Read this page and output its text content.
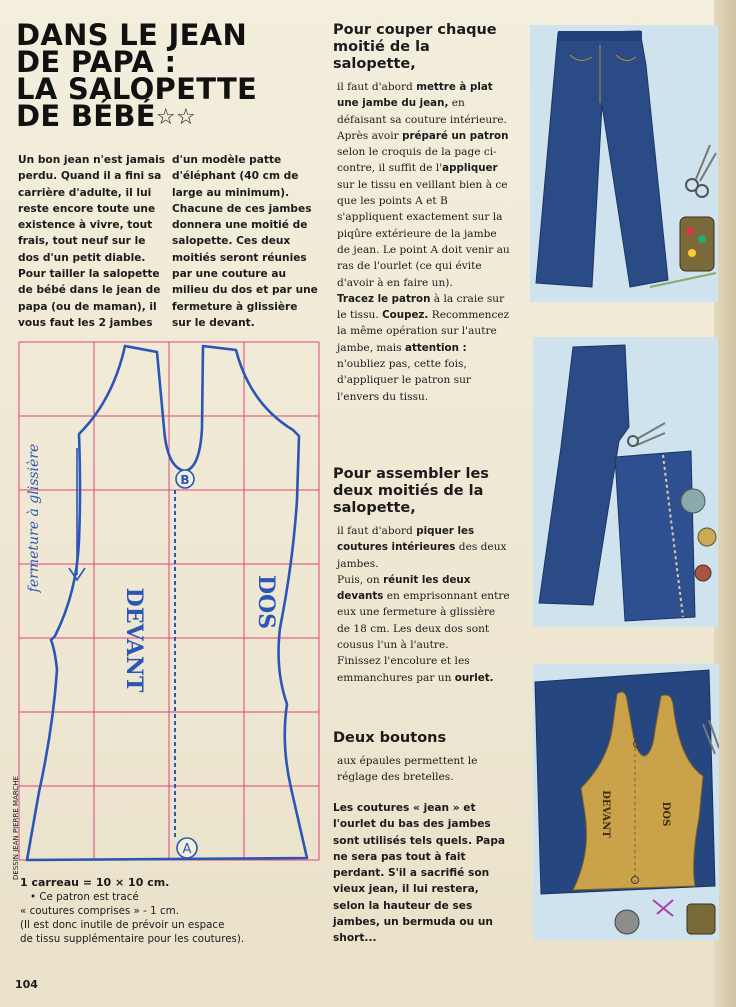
DANS LE JEAN
DE PAPA :
LA SALOPETTE
DE BÉBÉ☆☆

Un bon jean n'est jamais perdu. Quand il a fini sa carrière d'adulte, il lui reste encore toute une existence à vivre, tout frais, tout neuf sur le dos d'un petit diable. Pour tailler la salopette de bébé dans le jean de papa (ou de maman), il vous faut les 2 jambes

d'un modèle patte d'éléphant (40 cm de large au minimum). Chacune de ces jambes donnera une moitié de salopette. Ces deux moitiés seront réunies par une couture au milieu du dos et par une fermeture à glissière sur le devant.

B
A
DEVANT	DOS
fermeture à glissière
DESSIN JEAN PIERRE MARCHE
1 carreau = 10 × 10 cm.
• Ce patron est tracé
« coutures comprises » - 1 cm.
(Il est donc inutile de prévoir un espace
de tissu supplémentaire pour les coutures).
104
Pour couper chaque moitié de la salopette,

il faut d'abord mettre à plat une jambe du jean, en défaisant sa couture intérieure. Après avoir préparé un patron selon le croquis de la page ci-contre, il suffit de l'appliquer sur le tissu en veillant bien à ce que les points A et B s'appliquent exactement sur la piqûre extérieure de la jambe de jean. Le point A doit venir au ras de l'ourlet (ce qui évite d'avoir à en faire un).

Tracez le patron à la craie sur le tissu. Coupez. Recommencez la même opération sur l'autre jambe, mais attention : n'oubliez pas, cette fois, d'appliquer le patron sur l'envers du tissu.

Pour assembler les deux moitiés de la salopette,

il faut d'abord piquer les coutures intérieures des deux jambes.

Puis, on réunit les deux devants en emprisonnant entre eux une fermeture à glissière de 18 cm. Les deux dos sont cousus l'un à l'autre.

Finissez l'encolure et les emmanchures par un ourlet.

Deux boutons

aux épaules permettent le réglage des bretelles.

Les coutures « jean » et l'ourlet du bas des jambes sont utilisés tels quels. Papa ne sera pas tout à fait perdant. S'il a sacrifié son vieux jean, il lui restera, selon la hauteur de ses jambes, un bermuda ou un short...

DEVANT	DOS
